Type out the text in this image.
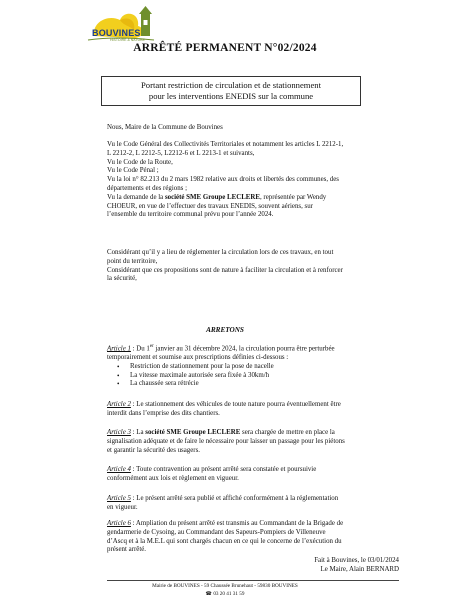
BOUVINES
HISTOIRE & NATURE
ARRÊTÉ PERMANENT N°02/2024
Portant restriction de circulation et de stationnement
pour les interventions ENEDIS sur la commune
Nous, Maire de la Commune de Bouvines
Vu le Code Général des Collectivités Territoriales et notamment les articles L 2212-1,
L 2212-2, L 2212-5, L2212-6 et L 2213-1 et suivants,
Vu le Code de la Route,
Vu le Code Pénal ;
Vu la loi n° 82.213 du 2 mars 1982 relative aux droits et libertés des communes, des
départements et des régions ;
Vu la demande de la société SME Groupe LECLERE, représentée par Wendy
CHOEUR, en vue de l’effectuer des travaux ENEDIS, souvent aériens, sur
l’ensemble du territoire communal prévu pour l’année 2024.
Considérant qu’il y a lieu de réglementer la circulation lors de ces travaux, en tout
point du territoire,
Considérant que ces propositions sont de nature à faciliter la circulation et à renforcer
la sécurité,
ARRETONS
Article 1 : Du 1er janvier au 31 décembre 2024, la circulation pourra être perturbée
temporairement et soumise aux prescriptions définies ci-dessous :
• Restriction de stationnement pour la pose de nacelle
• La vitesse maximale autorisée sera fixée à 30km/h
• La chaussée sera rétrécie
Article 2 : Le stationnement des véhicules de toute nature pourra éventuellement être
interdit dans l’emprise des dits chantiers.
Article 3 : La société SME Groupe LECLERE sera chargée de mettre en place la
signalisation adéquate et de faire le nécessaire pour laisser un passage pour les piétons
et garantir la sécurité des usagers.
Article 4 : Toute contravention au présent arrêté sera constatée et poursuivie
conformément aux lois et règlement en vigueur.
Article 5 : Le présent arrêté sera publié et affiché conformément à la réglementation
en vigueur.
Article 6 : Ampliation du présent arrêté est transmis au Commandant de la Brigade de
gendarmerie de Cysoing, au Commandant des Sapeurs-Pompiers de Villeneuve
d’Ascq et à la M.E.L qui sont chargés chacun en ce qui le concerne de l’exécution du
présent arrêté.
Fait à Bouvines, le 03/01/2024
Le Maire, Alain BERNARD
Mairie de BOUVINES - 59 Chaussée Brunehaut - 59830 BOUVINES
☎ 03 20 41 31 59
